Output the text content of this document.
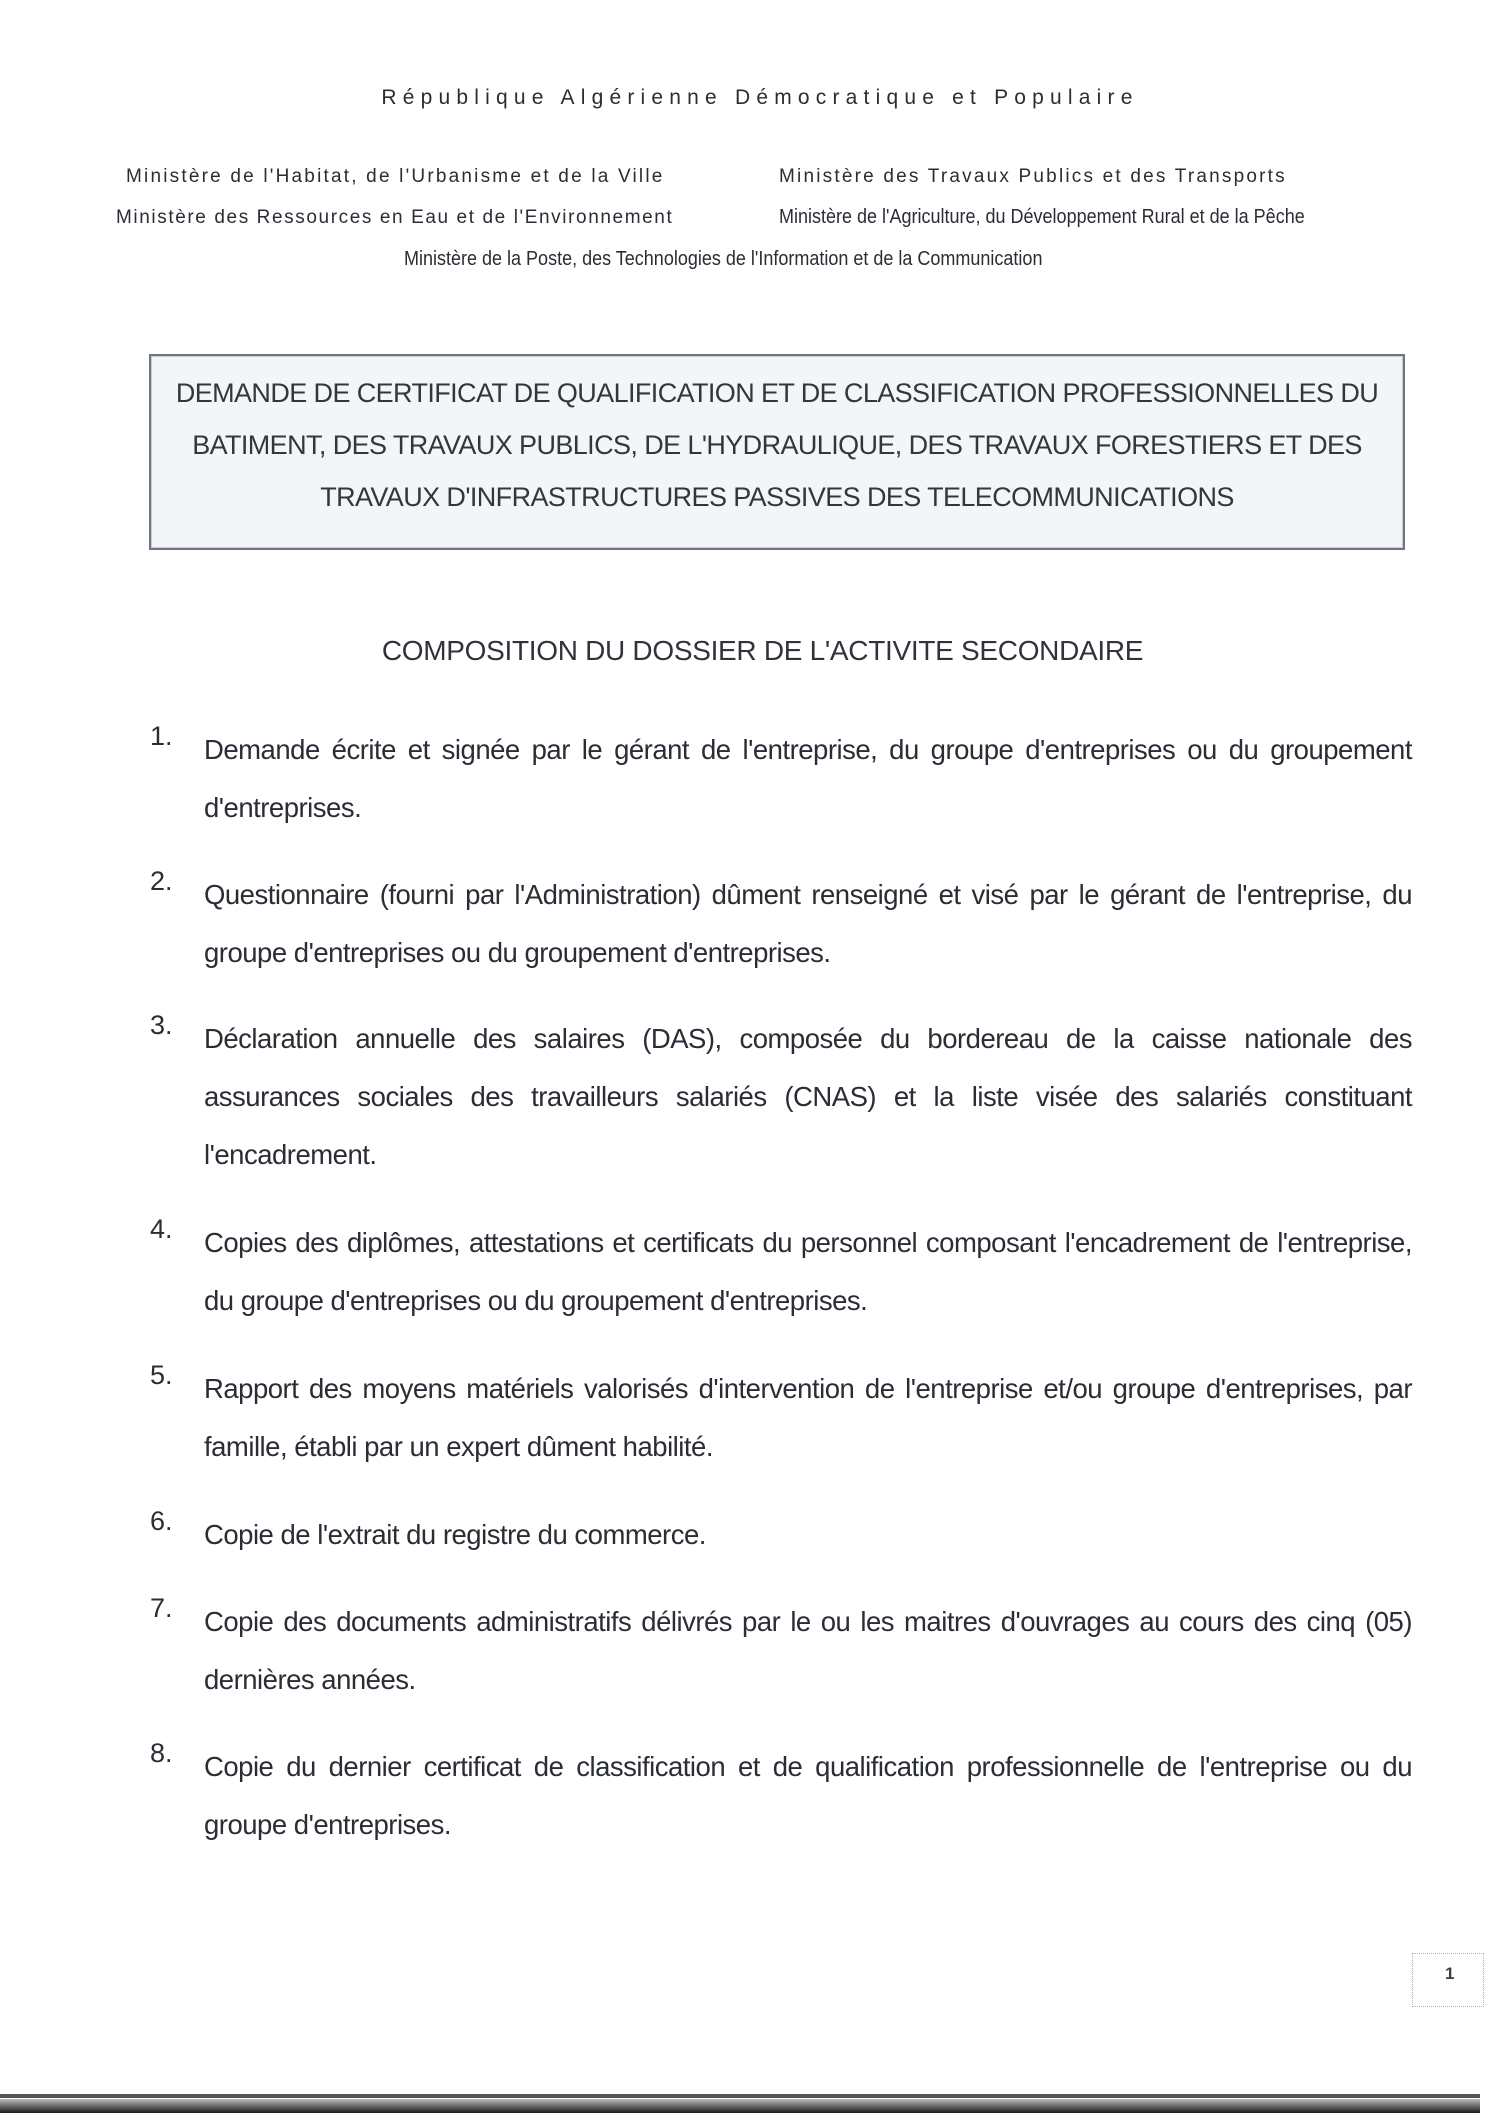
République Algérienne Démocratique et Populaire
Ministère de l'Habitat, de l'Urbanisme et de la Ville	Ministère des Travaux Publics et des Transports
Ministère des Ressources en Eau et de l'Environnement	Ministère de l'Agriculture, du Développement Rural et de la Pêche
Ministère de la Poste, des Technologies de l'Information et de la Communication
DEMANDE DE CERTIFICAT DE QUALIFICATION ET DE CLASSIFICATION PROFESSIONNELLES DU
BATIMENT, DES TRAVAUX PUBLICS, DE L'HYDRAULIQUE, DES TRAVAUX FORESTIERS ET DES
TRAVAUX D'INFRASTRUCTURES PASSIVES DES TELECOMMUNICATIONS
COMPOSITION DU DOSSIER DE L'ACTIVITE SECONDAIRE
1. Demande écrite et signée par le gérant de l'entreprise, du groupe d'entreprises ou du groupement d'entreprises.
2. Questionnaire (fourni par l'Administration) dûment renseigné et visé par le gérant de l'entreprise, du groupe d'entreprises ou du groupement d'entreprises.
3. Déclaration annuelle des salaires (DAS), composée du bordereau de la caisse nationale des assurances sociales des travailleurs salariés (CNAS) et la liste visée des salariés constituant l'encadrement.
4. Copies des diplômes, attestations et certificats du personnel composant l'encadrement de l'entreprise, du groupe d'entreprises ou du groupement d'entreprises.
5. Rapport des moyens matériels valorisés d'intervention de l'entreprise et/ou groupe d'entreprises, par famille, établi par un expert dûment habilité.
6. Copie de l'extrait du registre du commerce.
7. Copie des documents administratifs délivrés par le ou les maitres d'ouvrages au cours des cinq (05) dernières années.
8. Copie du dernier certificat de classification et de qualification professionnelle de l'entreprise ou du groupe d'entreprises.
1
